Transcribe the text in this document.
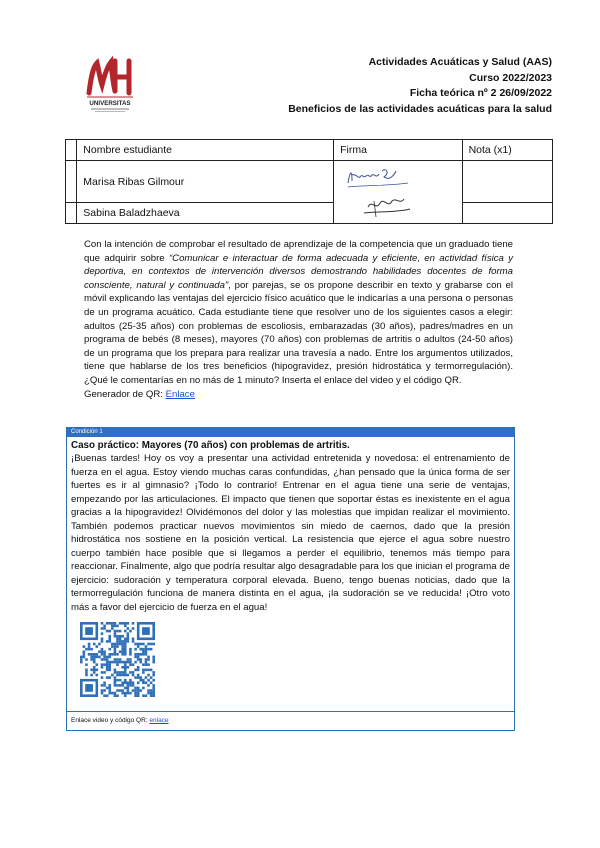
UNIVERSITAS
Actividades Acuáticas y Salud (AAS)
Curso 2022/2023
Ficha teórica nº 2 26/09/2022
Beneficios de las actividades acuáticas para la salud
	Nombre estudiante	Firma	Nota (x1)
	Marisa Ribas Gilmour	

	Sabina Baladzhaeva		

Con la intención de comprobar el resultado de aprendizaje de la competencia que un graduado tiene que adquirir sobre “Comunicar e interactuar de forma adecuada y eficiente, en actividad física y deportiva, en contextos de intervención diversos demostrando habilidades docentes de forma consciente, natural y continuada”, por parejas, se os propone describir en texto y grabarse con el móvil explicando las ventajas del ejercicio físico acuático que le indicarías a una persona o personas de un programa acuático. Cada estudiante tiene que resolver uno de los siguientes casos a elegir: adultos (25-35 años) con problemas de escoliosis, embarazadas (30 años), padres/madres en un programa de bebés (8 meses), mayores (70 años) con problemas de artritis o adultos (24-50 años) de un programa que los prepara para realizar una travesía a nado. Entre los argumentos utilizados, tiene que hablarse de los tres beneficios (hipogravidez, presión hidrostática y termorregulación). ¿Qué le comentarías en no más de 1 minuto? Inserta el enlace del video y el código QR.

Generador de QR: Enlace

Condición 1
Caso práctico: Mayores (70 años) con problemas de artritis.

¡Buenas tardes! Hoy os voy a presentar una actividad entretenida y novedosa: el entrenamiento de fuerza en el agua. Estoy viendo muchas caras confundidas, ¿han pensado que la única forma de ser fuertes es ir al gimnasio? ¡Todo lo contrario! Entrenar en el agua tiene una serie de ventajas, empezando por las articulaciones. El impacto que tienen que soportar éstas es inexistente en el agua gracias a la hipogravidez! Olvidémonos del dolor y las molestias que impidan realizar el movimiento. También podemos practicar nuevos movimientos sin miedo de caernos, dado que la presión hidrostática nos sostiene en la posición vertical. La resistencia que ejerce el agua sobre nuestro cuerpo también hace posible que si llegamos a perder el equilibrio, tenemos más tiempo para reaccionar. Finalmente, algo que podría resultar algo desagradable para los que inician el programa de ejercicio: sudoración y temperatura corporal elevada. Bueno, tengo buenas noticias, dado que la termorregulación funciona de manera distinta en el agua, ¡la sudoración se ve reducida! ¡Otro voto más a favor del ejercicio de fuerza en el agua!

Enlace video y código QR: enlace
